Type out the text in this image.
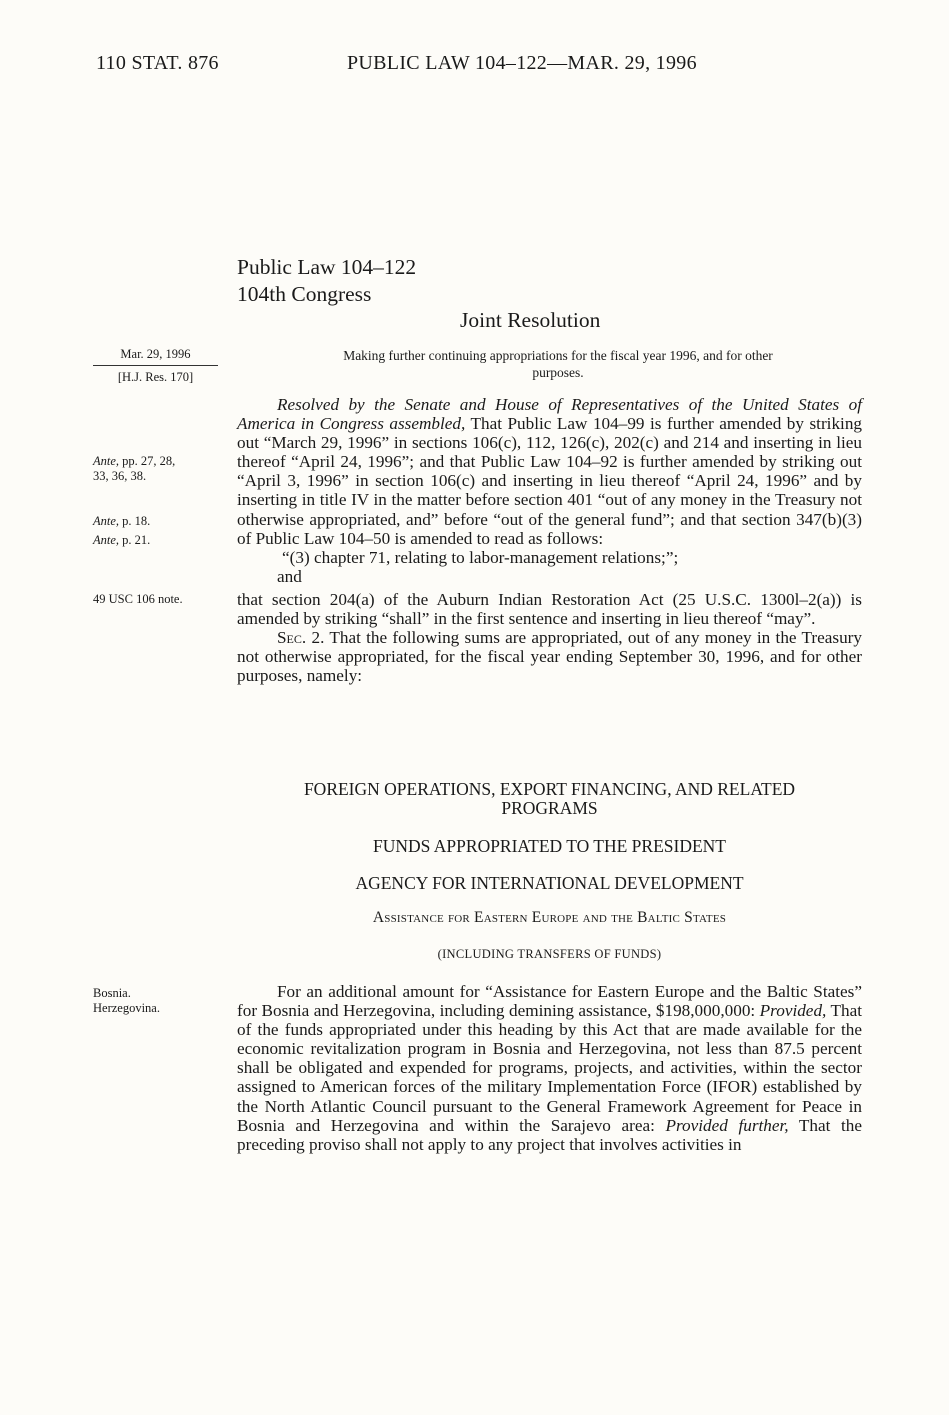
110 STAT. 876	PUBLIC LAW 104–122—MAR. 29, 1996
Public Law 104–122
104th Congress
Joint Resolution
Mar. 29, 1996
[H.J. Res. 170]
Making further continuing appropriations for the fiscal year 1996, and for other
purposes.
Ante, pp. 27, 28,
33, 36, 38.
Ante, p. 18.
Ante, p. 21.
49 USC 106 note.

Resolved by the Senate and House of Representatives of the United States of America in Congress assembled, That Public Law 104–99 is further amended by striking out “March 29, 1996” in sections 106(c), 112, 126(c), 202(c) and 214 and inserting in lieu thereof “April 24, 1996”; and that Public Law 104–92 is further amended by striking out “April 3, 1996” in section 106(c) and inserting in lieu thereof “April 24, 1996” and by inserting in title IV in the matter before section 401 “out of any money in the Treasury not otherwise appropriated, and” before “out of the general fund”; and that section 347(b)(3) of Public Law 104–50 is amended to read as follows:

“(3) chapter 71, relating to labor-management relations;”;

and

that section 204(a) of the Auburn Indian Restoration Act (25 U.S.C. 1300l–2(a)) is amended by striking “shall” in the first sentence and inserting in lieu thereof “may”.

Sec. 2. That the following sums are appropriated, out of any money in the Treasury not otherwise appropriated, for the fiscal year ending September 30, 1996, and for other purposes, namely:

FOREIGN OPERATIONS, EXPORT FINANCING, AND RELATED PROGRAMS
FUNDS APPROPRIATED TO THE PRESIDENT
AGENCY FOR INTERNATIONAL DEVELOPMENT
Assistance for Eastern Europe and the Baltic States
(INCLUDING TRANSFERS OF FUNDS)
Bosnia.
Herzegovina.

For an additional amount for “Assistance for Eastern Europe and the Baltic States” for Bosnia and Herzegovina, including demining assistance, $198,000,000: Provided, That of the funds appropriated under this heading by this Act that are made available for the economic revitalization program in Bosnia and Herzegovina, not less than 87.5 percent shall be obligated and expended for programs, projects, and activities, within the sector assigned to American forces of the military Implementation Force (IFOR) established by the North Atlantic Council pursuant to the General Framework Agreement for Peace in Bosnia and Herzegovina and within the Sarajevo area: Provided further, That the preceding proviso shall not apply to any project that involves activities in
